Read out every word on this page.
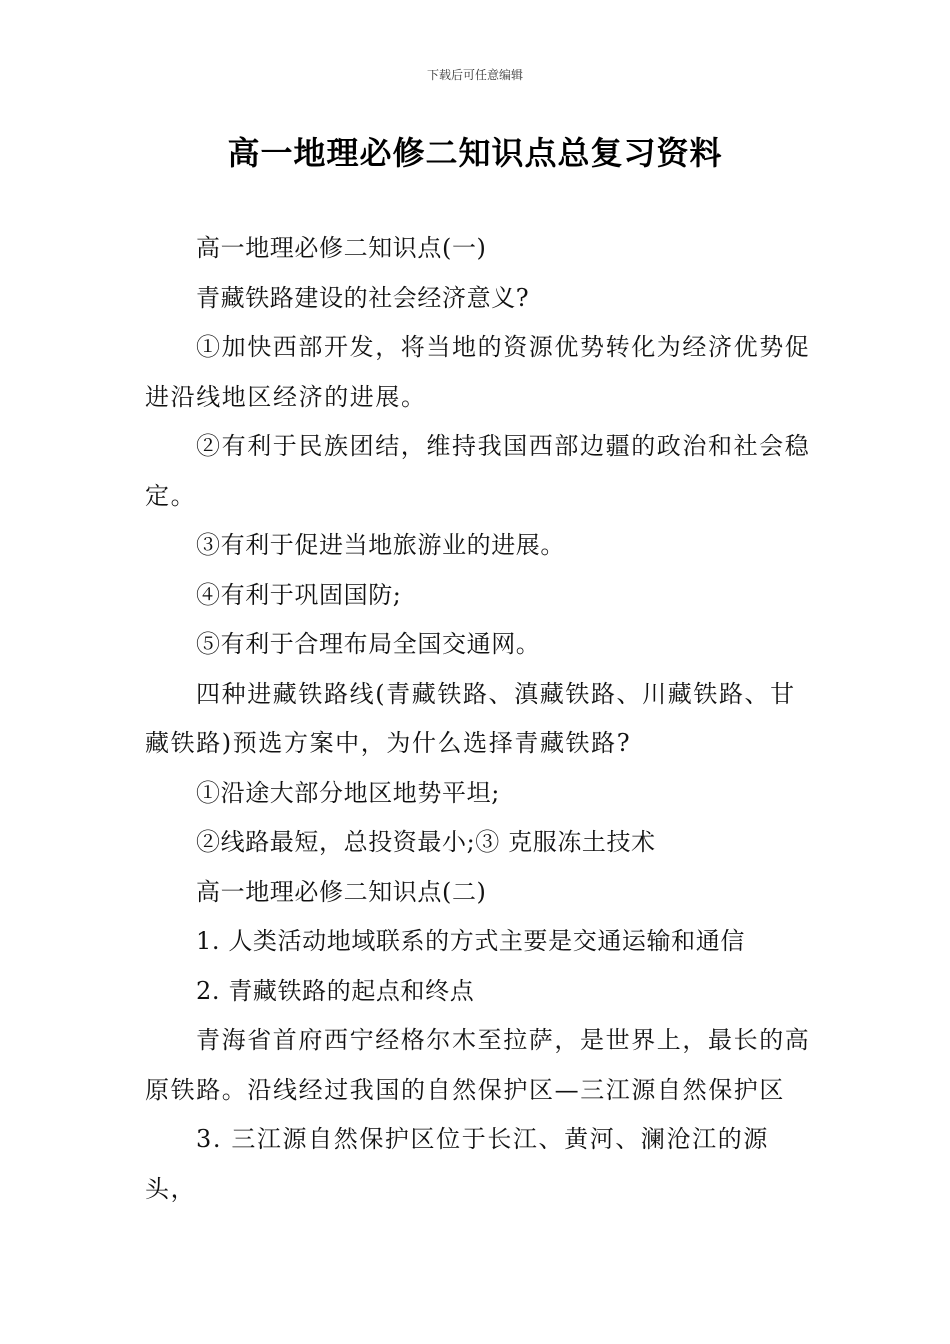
下载后可任意编辑
高一地理必修二知识点总复习资料

高一地理必修二知识点(一)

青藏铁路建设的社会经济意义?

①加快西部开发，将当地的资源优势转化为经济优势促进沿线地区经济的进展。

②有利于民族团结，维持我国西部边疆的政治和社会稳定。

③有利于促进当地旅游业的进展。

④有利于巩固国防;

⑤有利于合理布局全国交通网。

四种进藏铁路线(青藏铁路、滇藏铁路、川藏铁路、甘藏铁路)预选方案中，为什么选择青藏铁路?

①沿途大部分地区地势平坦;

②线路最短，总投资最小;③ 克服冻土技术

高一地理必修二知识点(二)

1. 人类活动地域联系的方式主要是交通运输和通信

2. 青藏铁路的起点和终点

青海省首府西宁经格尔木至拉萨，是世界上，最长的高原铁路。沿线经过我国的自然保护区—三江源自然保护区

3. 三江源自然保护区位于长江、黄河、澜沧江的源头，
